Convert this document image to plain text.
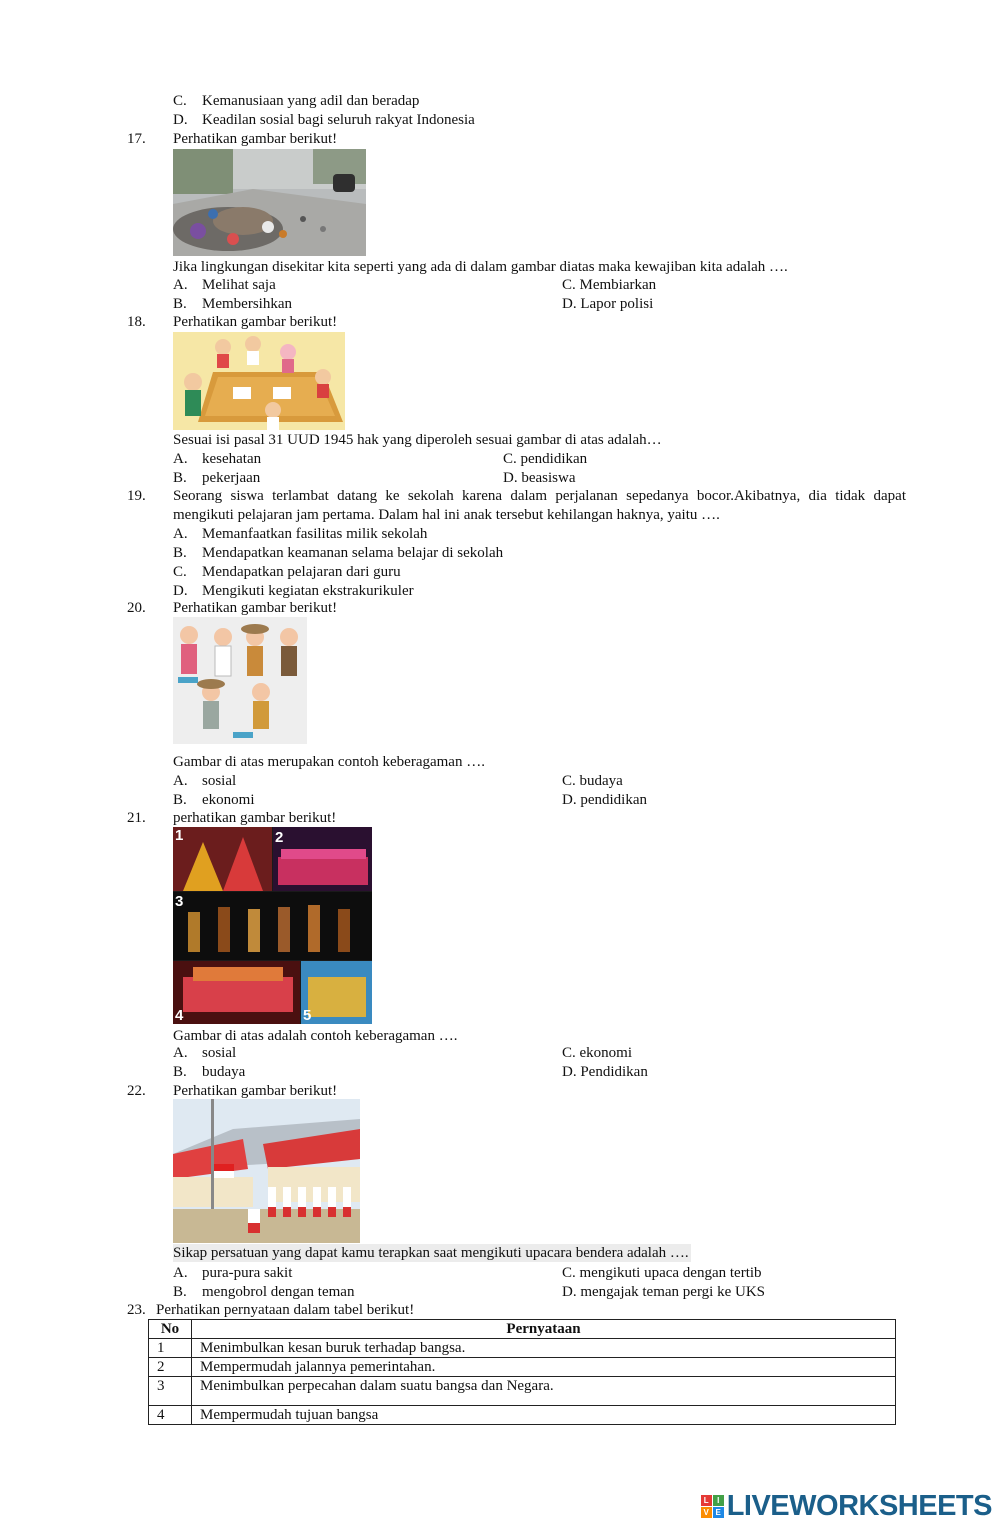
C. Kemanusiaan yang adil dan beradap
D. Keadilan sosial bagi seluruh rakyat Indonesia
17. Perhatikan gambar berikut!
Jika lingkungan disekitar kita seperti yang ada di dalam gambar diatas maka kewajiban kita adalah ….
A. Melihat saja	C. Membiarkan
B. Membersihkan	D. Lapor polisi
18. Perhatikan gambar berikut!
Sesuai isi pasal 31 UUD 1945 hak yang diperoleh sesuai gambar di atas adalah…
A. kesehatan	C. pendidikan
B. pekerjaan	D. beasiswa
19. Seorang siswa terlambat datang ke sekolah karena dalam perjalanan sepedanya bocor.Akibatnya, dia tidak dapat mengikuti pelajaran jam pertama. Dalam hal ini anak tersebut kehilangan haknya, yaitu ….
A. Memanfaatkan fasilitas milik sekolah
B. Mendapatkan keamanan selama belajar di sekolah
C. Mendapatkan pelajaran dari guru
D. Mengikuti kegiatan ekstrakurikuler
20. Perhatikan gambar berikut!
Gambar di atas merupakan contoh keberagaman ….
A. sosial	C. budaya
B. ekonomi	D. pendidikan
21. perhatikan gambar berikut!
1	2
3
4	5
Gambar di atas adalah contoh keberagaman ….
A. sosial	C. ekonomi
B. budaya	D. Pendidikan
22. Perhatikan gambar berikut!
Sikap persatuan yang dapat kamu terapkan saat mengikuti upacara bendera adalah ….
A. pura-pura sakit	C. mengikuti upaca dengan tertib
B. mengobrol dengan teman	D. mengajak teman pergi ke UKS
23. Perhatikan pernyataan dalam tabel berikut!
No	Pernyataan
1	Menimbulkan kesan buruk terhadap bangsa.
2	Mempermudah jalannya pemerintahan.
3	Menimbulkan perpecahan dalam suatu bangsa dan Negara.
4	Mempermudah tujuan bangsa
L	I
V E LIVEWORKSHEETS
